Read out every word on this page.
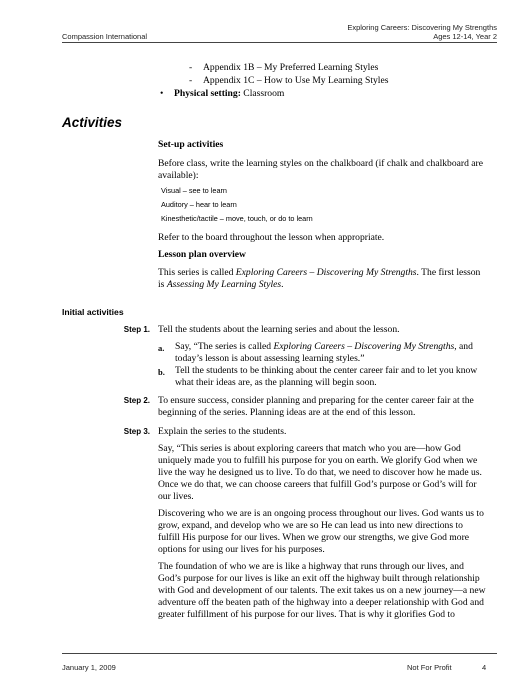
Compassion International
Exploring Careers: Discovering My Strengths
Ages 12-14, Year 2
- Appendix 1B – My Preferred Learning Styles
- Appendix 1C – How to Use My Learning Styles
• Physical setting: Classroom
Activities
Set-up activities
Before class, write the learning styles on the chalkboard (if chalk and chalkboard are
available):
Visual – see to learn
Auditory – hear to learn
Kinesthetic/tactile – move, touch, or do to learn
Refer to the board throughout the lesson when appropriate.
Lesson plan overview
This series is called Exploring Careers – Discovering My Strengths. The first lesson
is Assessing My Learning Styles.
Initial activities
Step 1. Tell the students about the learning series and about the lesson.
a. Say, “The series is called Exploring Careers – Discovering My Strengths, and
today’s lesson is about assessing learning styles.”
b. Tell the students to be thinking about the center career fair and to let you know
what their ideas are, as the planning will begin soon.
Step 2. To ensure success, consider planning and preparing for the center career fair at the
beginning of the series. Planning ideas are at the end of this lesson.
Step 3. Explain the series to the students.
Say, “This series is about exploring careers that match who you are—how God
uniquely made you to fulfill his purpose for you on earth. We glorify God when we
live the way he designed us to live. To do that, we need to discover how he made us.
Once we do that, we can choose careers that fulfill God’s purpose or God’s will for
our lives.
Discovering who we are is an ongoing process throughout our lives. God wants us to
grow, expand, and develop who we are so He can lead us into new directions to
fulfill His purpose for our lives. When we grow our strengths, we give God more
options for using our lives for his purposes.
The foundation of who we are is like a highway that runs through our lives, and
God’s purpose for our lives is like an exit off the highway built through relationship
with God and development of our talents. The exit takes us on a new journey—a new
adventure off the beaten path of the highway into a deeper relationship with God and
greater fulfillment of his purpose for our lives. That is why it glorifies God to
January 1, 2009	Not For Profit	4
